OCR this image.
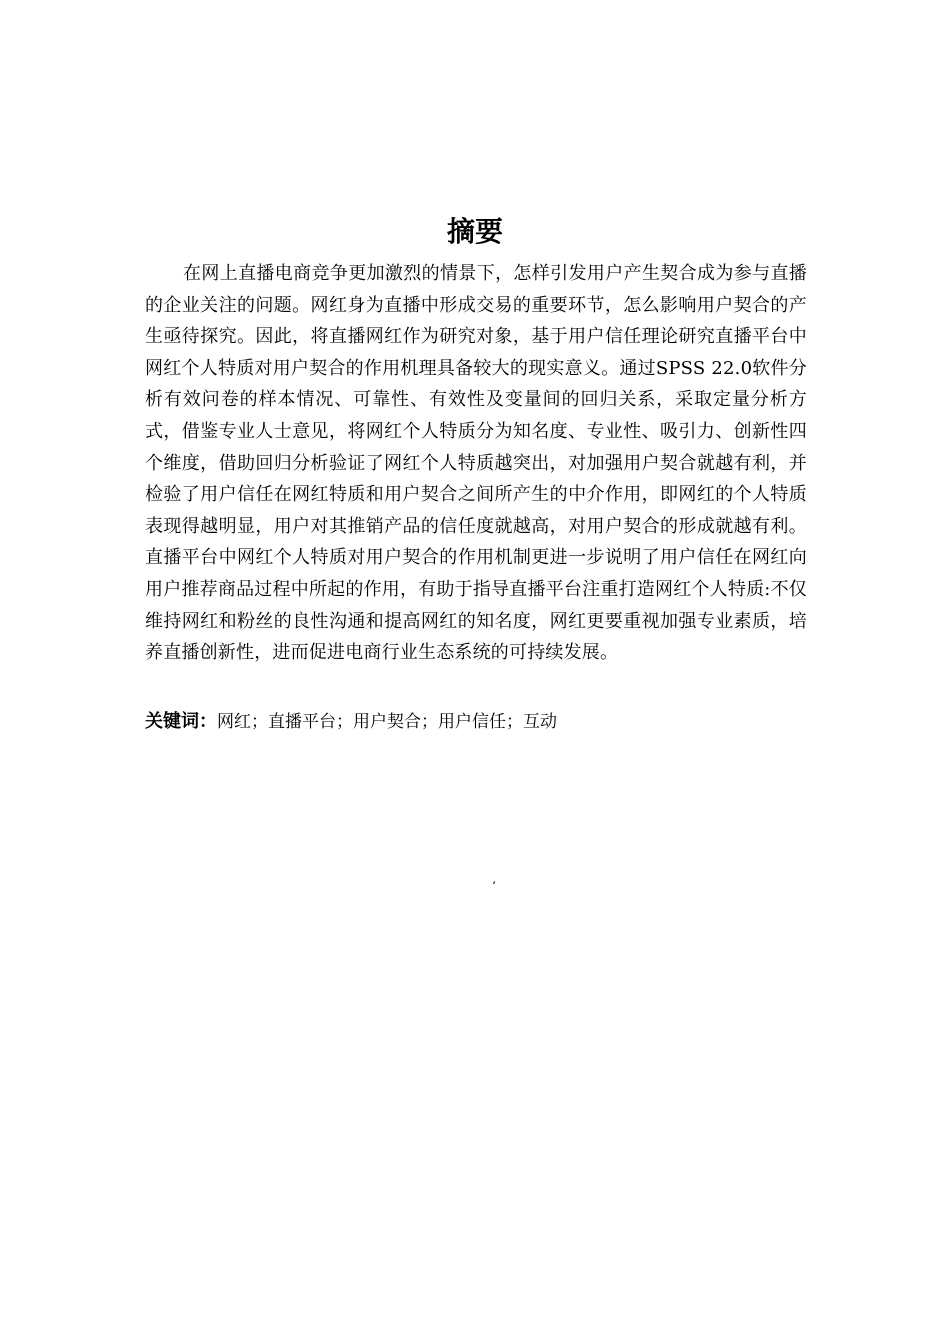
摘要

在网上直播电商竞争更加激烈的情景下，怎样引发用户产生契合成为参与直播的企业关注的问题。网红身为直播中形成交易的重要环节，怎么影响用户契合的产生亟待探究。因此，将直播网红作为研究对象，基于用户信任理论研究直播平台中网红个人特质对用户契合的作用机理具备较大的现实意义。通过SPSS 22.0软件分析有效问卷的样本情况、可靠性、有效性及变量间的回归关系，采取定量分析方式，借鉴专业人士意见，将网红个人特质分为知名度、专业性、吸引力、创新性四个维度，借助回归分析验证了网红个人特质越突出，对加强用户契合就越有利，并检验了用户信任在网红特质和用户契合之间所产生的中介作用，即网红的个人特质表现得越明显，用户对其推销产品的信任度就越高，对用户契合的形成就越有利。直播平台中网红个人特质对用户契合的作用机制更进一步说明了用户信任在网红向用户推荐商品过程中所起的作用，有助于指导直播平台注重打造网红个人特质:不仅维持网红和粉丝的良性沟通和提高网红的知名度，网红更要重视加强专业素质，培养直播创新性，进而促进电商行业生态系统的可持续发展。

关键词：网红；直播平台；用户契合；用户信任；互动

‘
